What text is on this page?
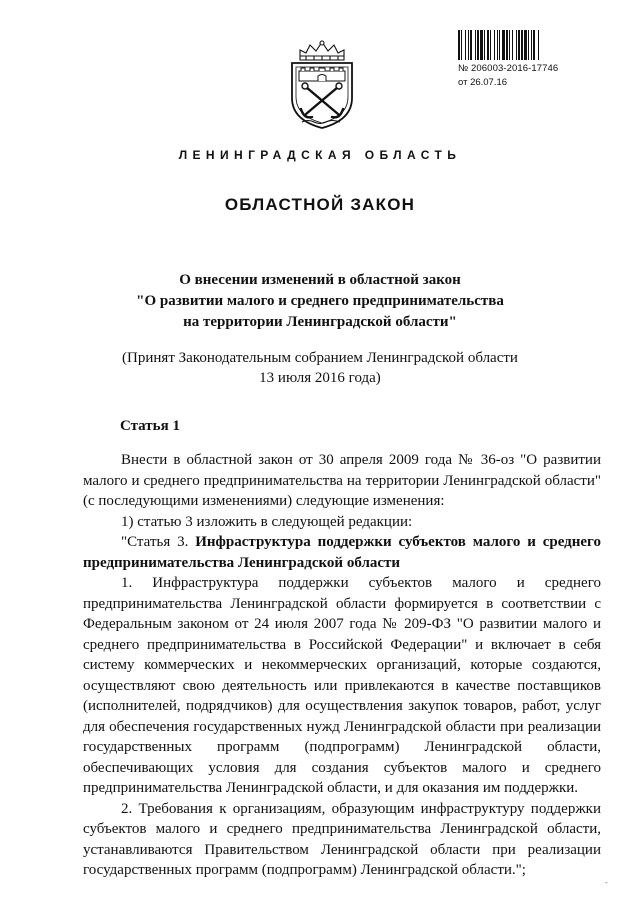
№ 206003-2016-17746
от 26.07.16
ЛЕНИНГРАДСКАЯ ОБЛАСТЬ
ОБЛАСТНОЙ ЗАКОН
О внесении изменений в областной закон
"О развитии малого и среднего предпринимательства
на территории Ленинградской области"
(Принят Законодательным собранием Ленинградской области
13 июля 2016 года)
Статья 1

Внести в областной закон от 30 апреля 2009 года № 36-оз "О развитии малого и среднего предпринимательства на территории Ленинградской области" (с последующими изменениями) следующие изменения:

1) статью 3 изложить в следующей редакции:

"Статья 3. Инфраструктура поддержки субъектов малого и среднего предпринимательства Ленинградской области

1. Инфраструктура поддержки субъектов малого и среднего предпринимательства Ленинградской области формируется в соответствии с Федеральным законом от 24 июля 2007 года № 209-ФЗ "О развитии малого и среднего предпринимательства в Российской Федерации" и включает в себя систему коммерческих и некоммерческих организаций, которые создаются, осуществляют свою деятельность или привлекаются в качестве поставщиков (исполнителей, подрядчиков) для осуществления закупок товаров, работ, услуг для обеспечения государственных нужд Ленинградской области при реализации государственных программ (подпрограмм) Ленинградской области, обеспечивающих условия для создания субъектов малого и среднего предпринимательства Ленинградской области, и для оказания им поддержки.

2. Требования к организациям, образующим инфраструктуру поддержки субъектов малого и среднего предпринимательства Ленинградской области, устанавливаются Правительством Ленинградской области при реализации государственных программ (подпрограмм) Ленинградской области.";

-
